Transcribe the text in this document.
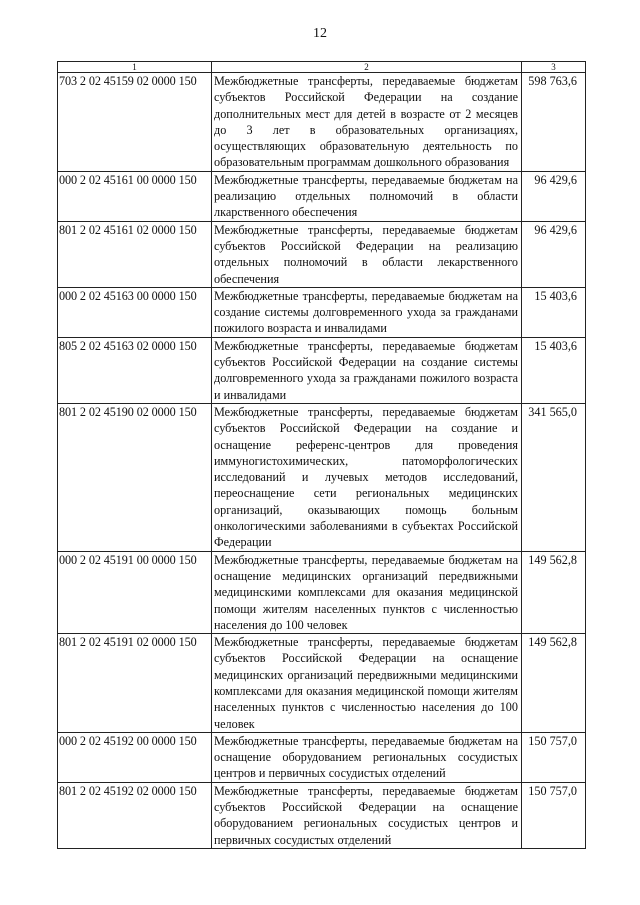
12
1	2	3
703 2 02 45159 02 0000 150	Межбюджетные трансферты, передаваемые бюджетам субъектов Российской Федерации на создание дополнительных мест для детей в возрасте от 2 месяцев до 3 лет в образовательных организациях, осуществляющих образовательную деятельность по образовательным программам дошкольного образования	598 763,6
000 2 02 45161 00 0000 150	Межбюджетные трансферты, передаваемые бюджетам на реализацию отдельных полномочий в области лкарственного обеспечения	96 429,6
801 2 02 45161 02 0000 150	Межбюджетные трансферты, передаваемые бюджетам субъектов Российской Федерации на реализацию отдельных полномочий в области лекарственного обеспечения	96 429,6
000 2 02 45163 00 0000 150	Межбюджетные трансферты, передаваемые бюджетам на создание системы долговременного ухода за гражданами пожилого возраста и инвалидами	15 403,6
805 2 02 45163 02 0000 150	Межбюджетные трансферты, передаваемые бюджетам субъектов Российской Федерации на создание системы долговременного ухода за гражданами пожилого возраста и инвалидами	15 403,6
801 2 02 45190 02 0000 150	Межбюджетные трансферты, передаваемые бюджетам субъектов Российской Федерации на создание и оснащение референс-центров для проведения иммуногистохимических, патоморфологических исследований и лучевых методов исследований, переоснащение сети региональных медицинских организаций, оказывающих помощь больным онкологическими заболеваниями в субъектах Российской Федерации	341 565,0
000 2 02 45191 00 0000 150	Межбюджетные трансферты, передаваемые бюджетам на оснащение медицинских организаций передвижными медицинскими комплексами для оказания медицинской помощи жителям населенных пунктов с численностью населения до 100 человек	149 562,8
801 2 02 45191 02 0000 150	Межбюджетные трансферты, передаваемые бюджетам субъектов Российской Федерации на оснащение медицинских организаций передвижными медицинскими комплексами для оказания медицинской помощи жителям населенных пунктов с численностью населения до 100 человек	149 562,8
000 2 02 45192 00 0000 150	Межбюджетные трансферты, передаваемые бюджетам на оснащение оборудованием региональных сосудистых центров и первичных сосудистых отделений	150 757,0
801 2 02 45192 02 0000 150	Межбюджетные трансферты, передаваемые бюджетам субъектов Российской Федерации на оснащение оборудованием региональных сосудистых центров и первичных сосудистых отделений	150 757,0
